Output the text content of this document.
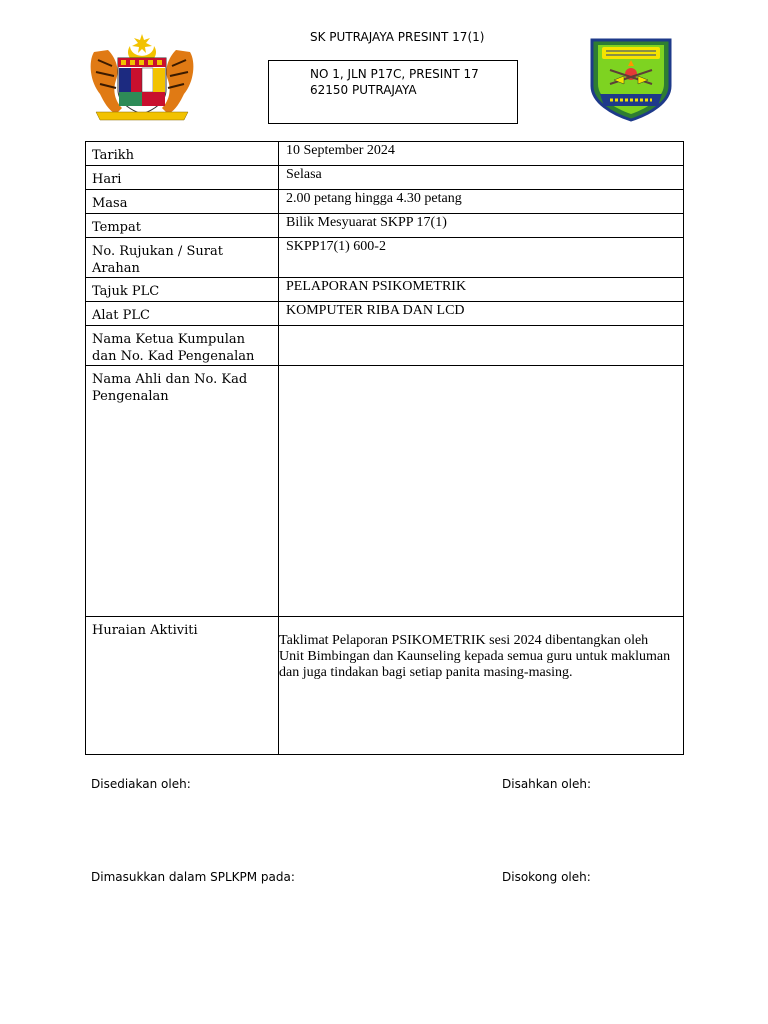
SK PUTRAJAYA PRESINT 17(1)
NO 1, JLN P17C, PRESINT 17
62150 PUTRAJAYA
Tarikh	10 September 2024
Hari	Selasa
Masa	2.00 petang hingga 4.30 petang
Tempat	Bilik Mesyuarat SKPP 17(1)
No. Rujukan / Surat Arahan	SKPP17(1) 600-2
Tajuk PLC	PELAPORAN PSIKOMETRIK
Alat PLC	KOMPUTER RIBA DAN LCD
Nama Ketua Kumpulan dan No. Kad Pengenalan	
Nama Ahli dan No. Kad Pengenalan	
Huraian Aktiviti	Taklimat Pelaporan PSIKOMETRIK sesi 2024 dibentangkan oleh Unit Bimbingan dan Kaunseling kepada semua guru untuk makluman dan juga tindakan bagi setiap panita masing-masing.
Disediakan oleh:	Disahkan oleh:
Dimasukkan dalam SPLKPM pada:	Disokong oleh:
